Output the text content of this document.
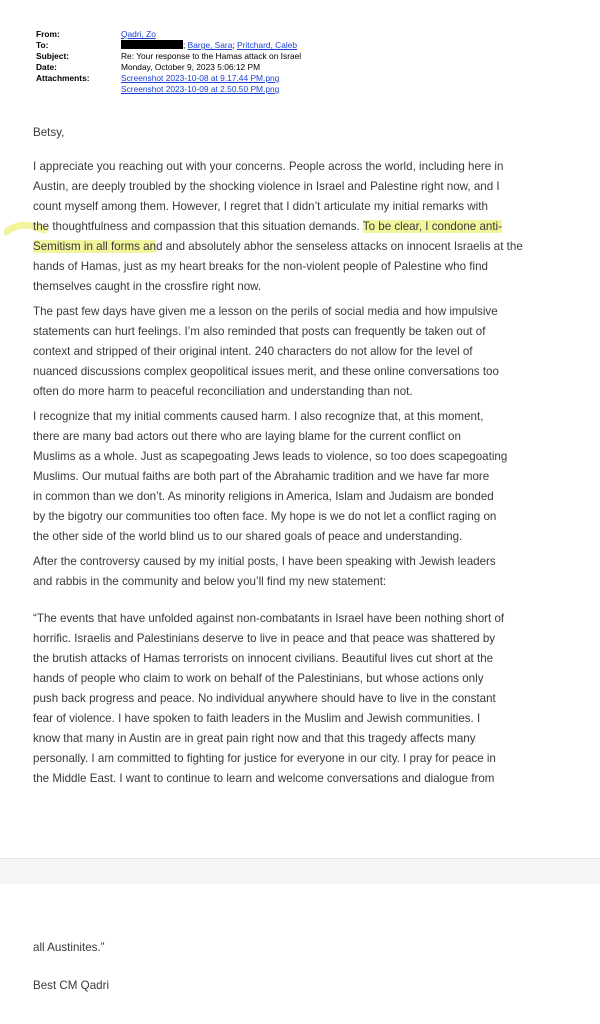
From:	Qadri, Zo
To:	;
Barge, Sara ;
Pritchard, Caleb
Subject:	Re: Your response to the Hamas attack on Israel
Date:	Monday, October 9, 2023 5:06:12 PM
Attachments:	Screenshot 2023-10-08 at 9.17.44 PM.png
Screenshot 2023-10-09 at 2.50.50 PM.png
Betsy,
I appreciate you reaching out with your concerns. People across the world, including here in
Austin, are deeply troubled by the shocking violence in Israel and Palestine right now, and I
count myself among them. However, I regret that I didn’t articulate my initial remarks with
the thoughtfulness and compassion that this situation demands. To be clear, I condone anti-
Semitism in all forms and and absolutely abhor the senseless attacks on innocent Israelis at the
hands of Hamas, just as my heart breaks for the non-violent people of Palestine who find
themselves caught in the crossfire right now.
The past few days have given me a lesson on the perils of social media and how impulsive
statements can hurt feelings. I’m also reminded that posts can frequently be taken out of
context and stripped of their original intent. 240 characters do not allow for the level of
nuanced discussions complex geopolitical issues merit, and these online conversations too
often do more harm to peaceful reconciliation and understanding than not.
I recognize that my initial comments caused harm. I also recognize that, at this moment,
there are many bad actors out there who are laying blame for the current conflict on
Muslims as a whole. Just as scapegoating Jews leads to violence, so too does scapegoating
Muslims. Our mutual faiths are both part of the Abrahamic tradition and we have far more
in common than we don’t. As minority religions in America, Islam and Judaism are bonded
by the bigotry our communities too often face. My hope is we do not let a conflict raging on
the other side of the world blind us to our shared goals of peace and understanding.
After the controversy caused by my initial posts, I have been speaking with Jewish leaders
and rabbis in the community and below you’ll find my new statement:
“The events that have unfolded against non-combatants in Israel have been nothing short of
horrific. Israelis and Palestinians deserve to live in peace and that peace was shattered by
the brutish attacks of Hamas terrorists on innocent civilians. Beautiful lives cut short at the
hands of people who claim to work on behalf of the Palestinians, but whose actions only
push back progress and peace. No individual anywhere should have to live in the constant
fear of violence. I have spoken to faith leaders in the Muslim and Jewish communities. I
know that many in Austin are in great pain right now and that this tragedy affects many
personally. I am committed to fighting for justice for everyone in our city. I pray for peace in
the Middle East. I want to continue to learn and welcome conversations and dialogue from
all Austinites.”
Best CM Qadri
